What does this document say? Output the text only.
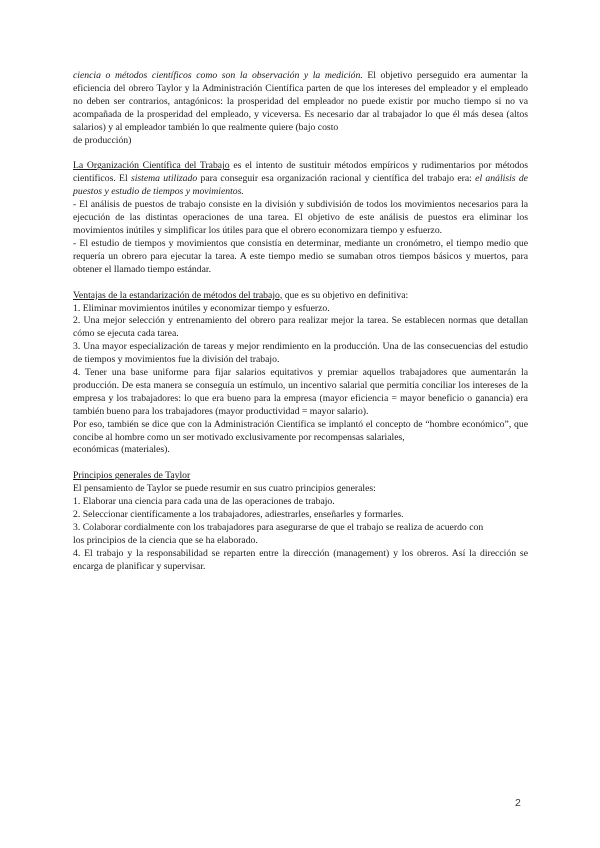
ciencia o métodos científicos como son la observación y la medición. El objetivo perseguido era aumentar la eficiencia del obrero Taylor y la Administración Científica parten de que los intereses del empleador y el empleado no deben ser contrarios, antagónicos: la prosperidad del empleador no puede existir por mucho tiempo si no va acompañada de la prosperidad del empleado, y viceversa. Es necesario dar al trabajador lo que él más desea (altos salarios) y al empleador también lo que realmente quiere (bajo costo

de producción)

La Organización Científica del Trabajo es el intento de sustituir métodos empíricos y rudimentarios por métodos científicos. El sistema utilizado para conseguir esa organización racional y científica del trabajo era: el análisis de puestos y estudio de tiempos y movimientos.

- El análisis de puestos de trabajo consiste en la división y subdivisión de todos los movimientos necesarios para la ejecución de las distintas operaciones de una tarea. El objetivo de este análisis de puestos era eliminar los movimientos inútiles y simplificar los útiles para que el obrero economizara tiempo y esfuerzo.

- El estudio de tiempos y movimientos que consistía en determinar, mediante un cronómetro, el tiempo medio que requería un obrero para ejecutar la tarea. A este tiempo medio se sumaban otros tiempos básicos y muertos, para obtener el llamado tiempo estándar.

Ventajas de la estandarización de métodos del trabajo, que es su objetivo en definitiva:

1. Eliminar movimientos inútiles y economizar tiempo y esfuerzo.

2. Una mejor selección y entrenamiento del obrero para realizar mejor la tarea. Se establecen normas que detallan cómo se ejecuta cada tarea.

3. Una mayor especialización de tareas y mejor rendimiento en la producción. Una de las consecuencias del estudio de tiempos y movimientos fue la división del trabajo.

4. Tener una base uniforme para fijar salarios equitativos y premiar aquellos trabajadores que aumentarán la producción. De esta manera se conseguía un estímulo, un incentivo salarial que permitía conciliar los intereses de la empresa y los trabajadores: lo que era bueno para la empresa (mayor eficiencia = mayor beneficio o ganancia) era también bueno para los trabajadores (mayor productividad = mayor salario).

Por eso, también se dice que con la Administración Científica se implantó el concepto de “hombre económico”, que concibe al hombre como un ser motivado exclusivamente por recompensas salariales,

económicas (materiales).

Principios generales de Taylor

El pensamiento de Taylor se puede resumir en sus cuatro principios generales:

1. Elaborar una ciencia para cada una de las operaciones de trabajo.

2. Seleccionar científicamente a los trabajadores, adiestrarles, enseñarles y formarles.

3. Colaborar cordialmente con los trabajadores para asegurarse de que el trabajo se realiza de acuerdo con

los principios de la ciencia que se ha elaborado.

4. El trabajo y la responsabilidad se reparten entre la dirección (management) y los obreros. Así la dirección se encarga de planificar y supervisar.

2
